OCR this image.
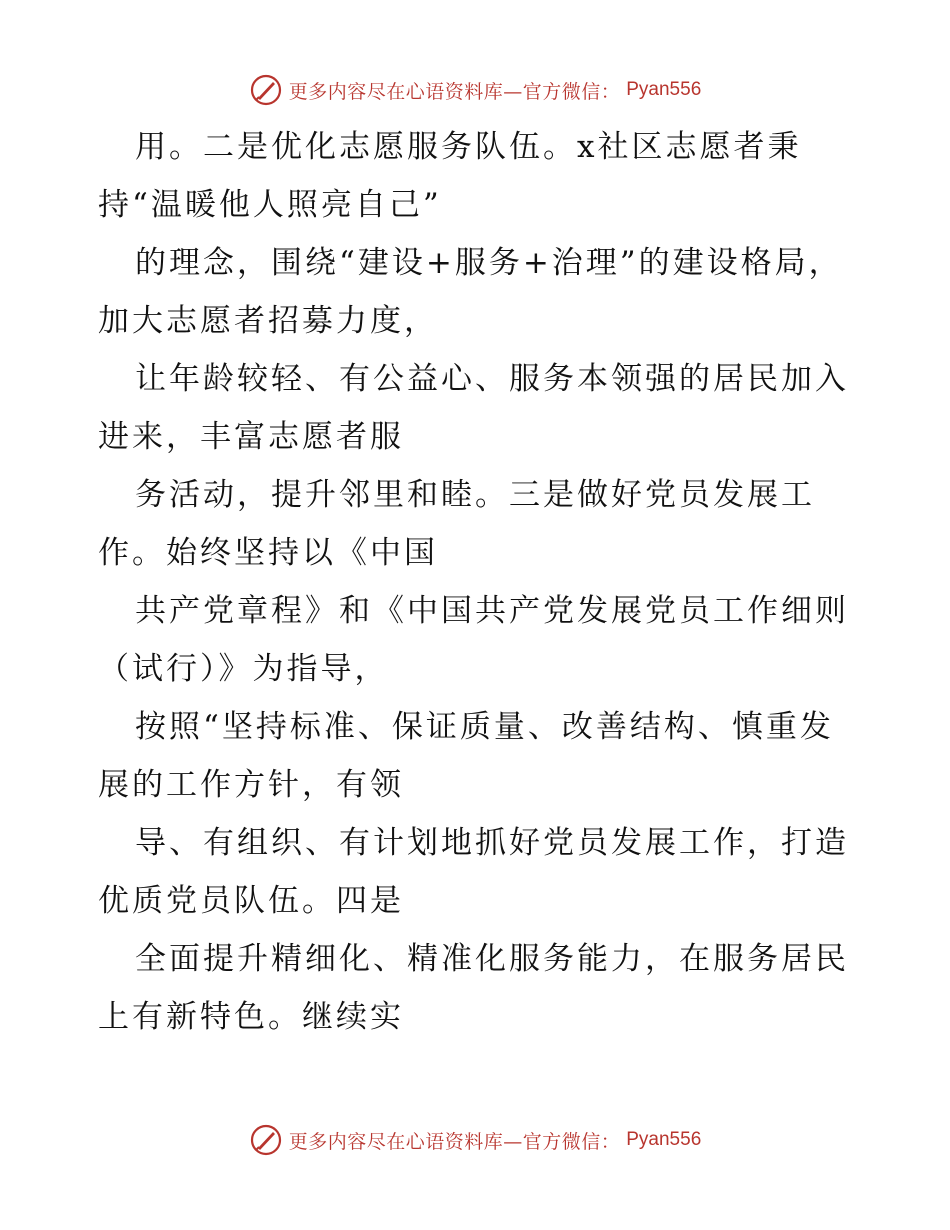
更多内容尽在心语资料库—官方微信： Pyan556
用。二是优化志愿服务队伍。x社区志愿者秉
持“温暖他人照亮自己”
的理念，围绕“建设+服务+治理”的建设格局，
加大志愿者招募力度，
让年龄较轻、有公益心、服务本领强的居民加入
进来，丰富志愿者服
务活动，提升邻里和睦。三是做好党员发展工
作。始终坚持以《中国
共产党章程》和《中国共产党发展党员工作细则
（试行）》为指导，
按照“坚持标准、保证质量、改善结构、慎重发
展的工作方针，有领
导、有组织、有计划地抓好党员发展工作，打造
优质党员队伍。四是
全面提升精细化、精准化服务能力，在服务居民
上有新特色。继续实
更多内容尽在心语资料库—官方微信： Pyan556
